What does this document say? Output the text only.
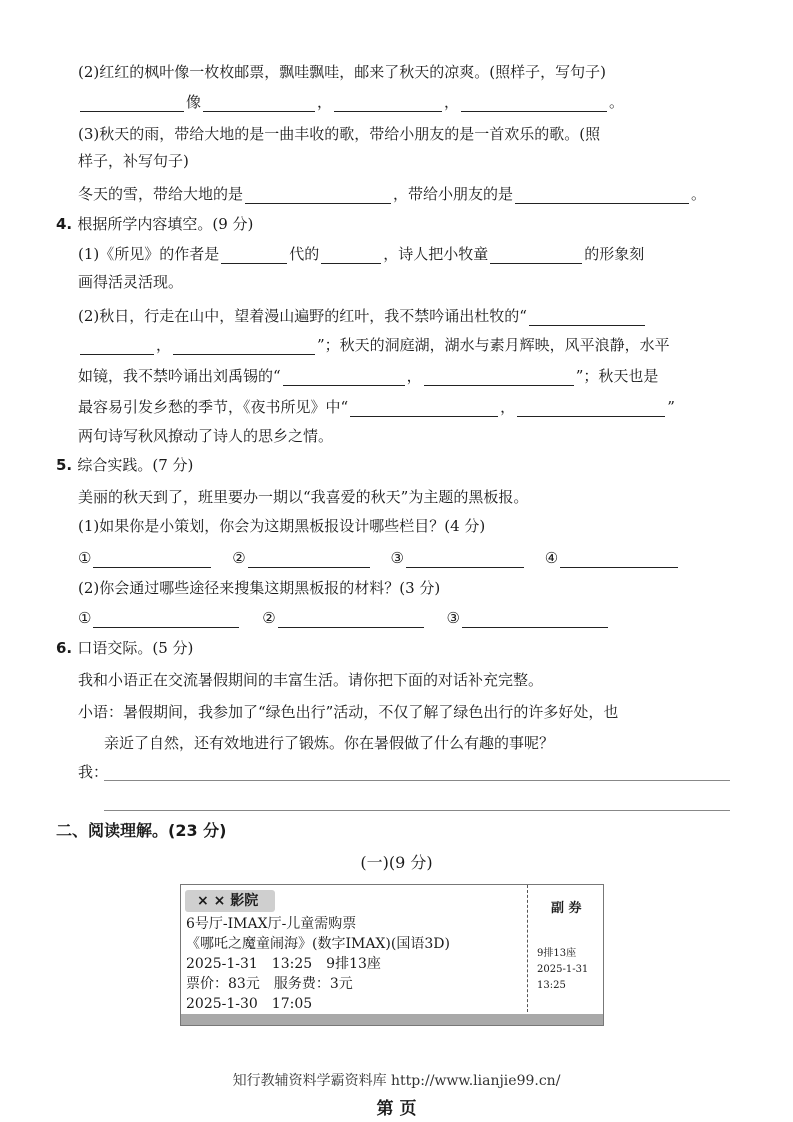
(2)红红的枫叶像一枚枚邮票，飘哇飘哇，邮来了秋天的凉爽。(照样子，写句子)
像	，	，	。
(3)秋天的雨，带给大地的是一曲丰收的歌，带给小朋友的是一首欢乐的歌。(照
样子，补写句子)
冬天的雪，带给大地的是	，带给小朋友的是	。
4. 根据所学内容填空。(9 分)
(1)《所见》的作者是	代的	，诗人把小牧童	的形象刻
画得活灵活现。
(2)秋日，行走在山中，望着漫山遍野的红叶，我不禁吟诵出杜牧的“
，	”；秋天的洞庭湖，湖水与素月辉映，风平浪静，水平
如镜，我不禁吟诵出刘禹锡的“	，	”；秋天也是
最容易引发乡愁的季节，《夜书所见》中“	，	”
两句诗写秋风撩动了诗人的思乡之情。
5. 综合实践。(7 分)
美丽的秋天到了，班里要办一期以“我喜爱的秋天”为主题的黑板报。
(1)如果你是小策划，你会为这期黑板报设计哪些栏目？(4 分)
①	②	③	④
(2)你会通过哪些途径来搜集这期黑板报的材料？(3 分)
①	②	③
6. 口语交际。(5 分)
我和小语正在交流暑假期间的丰富生活。请你把下面的对话补充完整。
小语：暑假期间，我参加了“绿色出行”活动，不仅了解了绿色出行的许多好处，也
亲近了自然，还有效地进行了锻炼。你在暑假做了什么有趣的事呢？
我：
二、阅读理解。(23 分)
(一)(9 分)
× × 影院
6号厅-IMAX厅-儿童需购票
《哪吒之魔童闹海》(数字IMAX)(国语3D)
2025-1-31　13:25　9排13座
票价：83元　服务费：3元
2025-1-30　17:05
副 券
9排13座
2025-1-31
13:25
知行教辅资料学霸资料库 http://www.lianjie99.cn/
第 页
